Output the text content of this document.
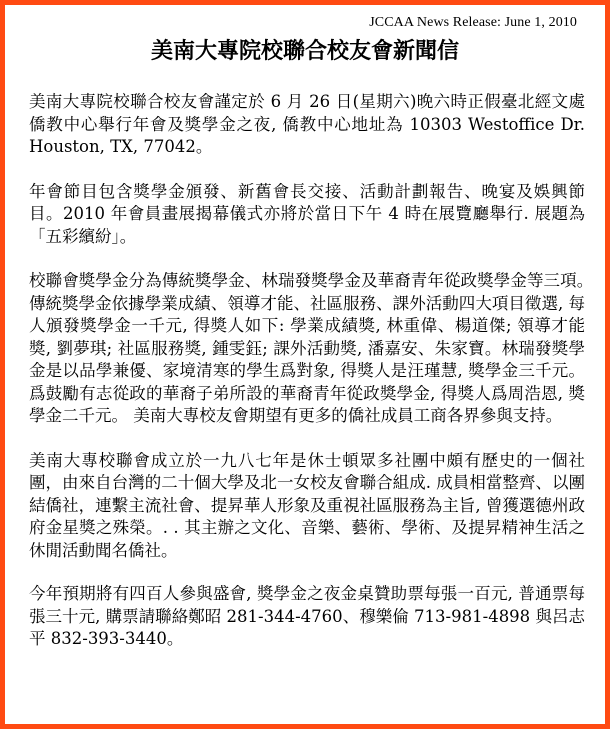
JCCAA News Release: June 1, 2010
美南大專院校聯合校友會新聞信

美南大專院校聯合校友會謹定於 6 月 26 日(星期六)晚六時正假臺北經文處僑教中心舉行年會及獎學金之夜, 僑教中心地址為 10303 Westoffice Dr. Houston, TX, 77042。

年會節目包含獎學金頒發、新舊會長交接、活動計劃報告、晚宴及娛興節目。2010 年會員畫展揭幕儀式亦將於當日下午 4 時在展覽廳舉行. 展題為「五彩繽紛」。

校聯會獎學金分為傳統獎學金、林瑞發獎學金及華裔青年從政獎學金等三項。　傳統獎學金依據學業成績、領導才能、社區服務、課外活動四大項目徵選, 每人頒發獎學金一千元, 得獎人如下: 學業成績獎, 林重偉、楊道傑; 領導才能獎, 劉夢琪; 社區服務獎, 鍾雯鈺; 課外活動獎, 潘嘉安、朱家寶。林瑞發獎學金是以品學兼優、家境清寒的學生爲對象, 得獎人是汪瑾慧, 獎學金三千元。爲鼓勵有志從政的華裔子弟所設的華裔青年從政獎學金, 得獎人爲周浩恩, 獎學金二千元。 美南大專校友會期望有更多的僑社成員工商各界參與支持。

美南大專校聯會成立於一九八七年是休士頓眾多社團中頗有歷史的一個社團，由來自台灣的二十個大學及北一女校友會聯合組成. 成員相當整齊、以團結僑社，連繫主流社會、提昇華人形象及重視社區服務為主旨, 曾獲選德州政府金星獎之殊榮。. . 其主辦之文化、音樂、藝術、學術、及提昇精神生活之休閒活動聞名僑社。

今年預期將有四百人參與盛會, 獎學金之夜金桌贊助票每張一百元, 普通票每張三十元, 購票請聯絡鄭昭 281-344-4760、穆樂倫 713-981-4898 與呂志平 832-393-3440。
